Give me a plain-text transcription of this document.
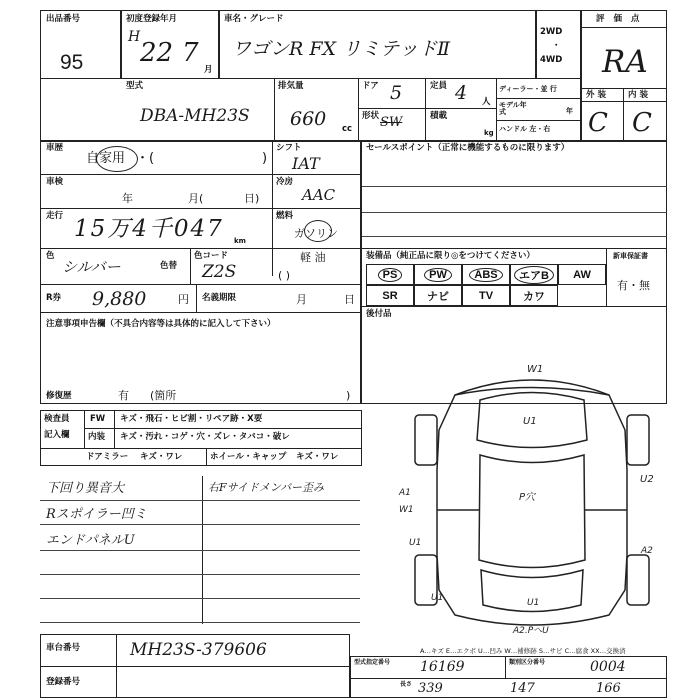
出品番号
95
初度登録年月
H
22 7
月
車名・グレード
ワゴンR FX リミテッドⅡ
2WD
・
4WD
評 価 点
RA
外 装	内 装
C C
型式
DBA-MH23S
排気量
660 cc
ドア 5	定員 4 人
形状 SW	積載
kg
ディーラー・並 行
モデル年式	年
ハンドル 左・右
車歴
自家用 ・(	)
シフト
IAT
車検
年	月(	日)
冷房
AAC
走行 15万4千047 km
燃料
ガソリン
色
シルバー	色替
色コード
Z2S
軽 油
( )
R券 9,880	円 名義期限	月	日
注意事項申告欄（不具合内容等は具体的に記入して下さい）
修復歴	有 (箇所	)
セールスポイント（正常に機能するものに限ります）
装備品（純正品に限り◎をつけてください）	新車保証書
PS	PW	ABS	エアB	AW
SR	ナビ	TV	カワ
有・無
後付品
検査員
記入欄
FW キズ・飛石・ヒビ割・リペア跡・X要
内装 キズ・汚れ・コゲ・穴・ズレ・タバコ・破レ
ドアミラー キズ・ワレ	ホイール・キャップ キズ・ワレ
下回り異音大
Rスポイラー凹ミ
エンドパネルU
右Fサイドメンバー歪み
W1
U1
A1
W1
U1
U2
A2
P穴
U1
A2.PヘU
U1
A…キズ E…エクボ U…凹み W…補修跡 S…サビ C…腐食 XX…交換済
車台番号	MH23S-379606
登録番号
型式指定番号 16169	類別区分番号	0004
長さ 339	147	166
